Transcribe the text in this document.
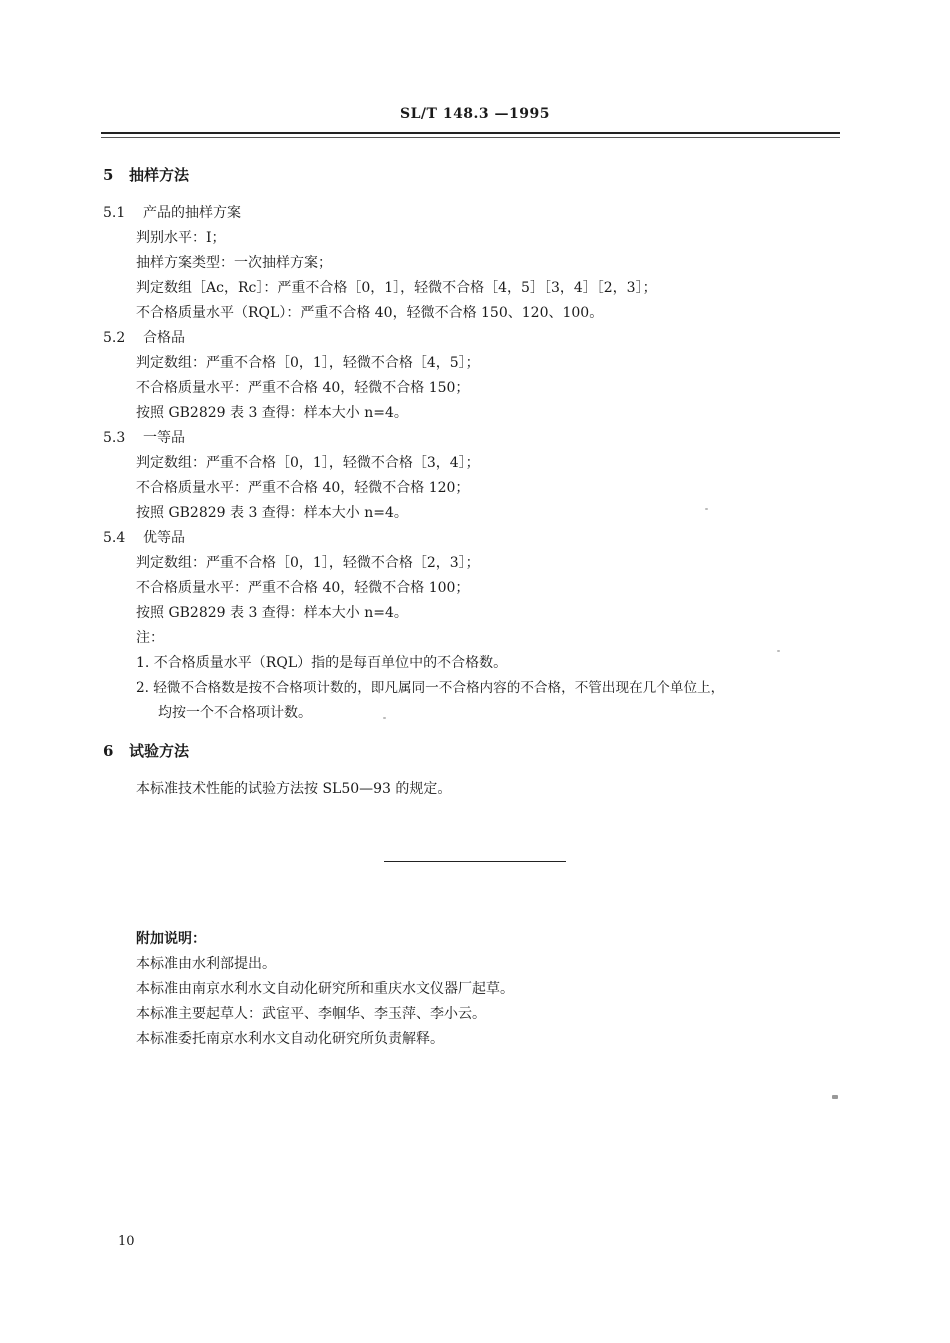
SL/T 148.3 —1995
5 抽样方法
5.1 产品的抽样方案
判别水平：Ⅰ；
抽样方案类型：一次抽样方案；
判定数组［Ac，Rc］：严重不合格［0，1］，轻微不合格［4，5］［3，4］［2，3］；
不合格质量水平（RQL）：严重不合格 40，轻微不合格 150、120、100。
5.2 合格品
判定数组：严重不合格［0，1］，轻微不合格［4，5］；
不合格质量水平：严重不合格 40，轻微不合格 150；
按照 GB2829 表 3 查得：样本大小 n=4。
5.3 一等品
判定数组：严重不合格［0，1］，轻微不合格［3，4］；
不合格质量水平：严重不合格 40，轻微不合格 120；
按照 GB2829 表 3 查得：样本大小 n=4。
5.4 优等品
判定数组：严重不合格［0，1］，轻微不合格［2，3］；
不合格质量水平：严重不合格 40，轻微不合格 100；
按照 GB2829 表 3 查得：样本大小 n=4。
注：
1. 不合格质量水平（RQL）指的是每百单位中的不合格数。
2. 轻微不合格数是按不合格项计数的，即凡属同一不合格内容的不合格，不管出现在几个单位上，
均按一个不合格项计数。
6 试验方法
本标准技术性能的试验方法按 SL50—93 的规定。
附加说明：
本标准由水利部提出。
本标准由南京水利水文自动化研究所和重庆水文仪器厂起草。
本标准主要起草人：武宦平、李帼华、李玉萍、李小云。
本标准委托南京水利水文自动化研究所负责解释。
10
